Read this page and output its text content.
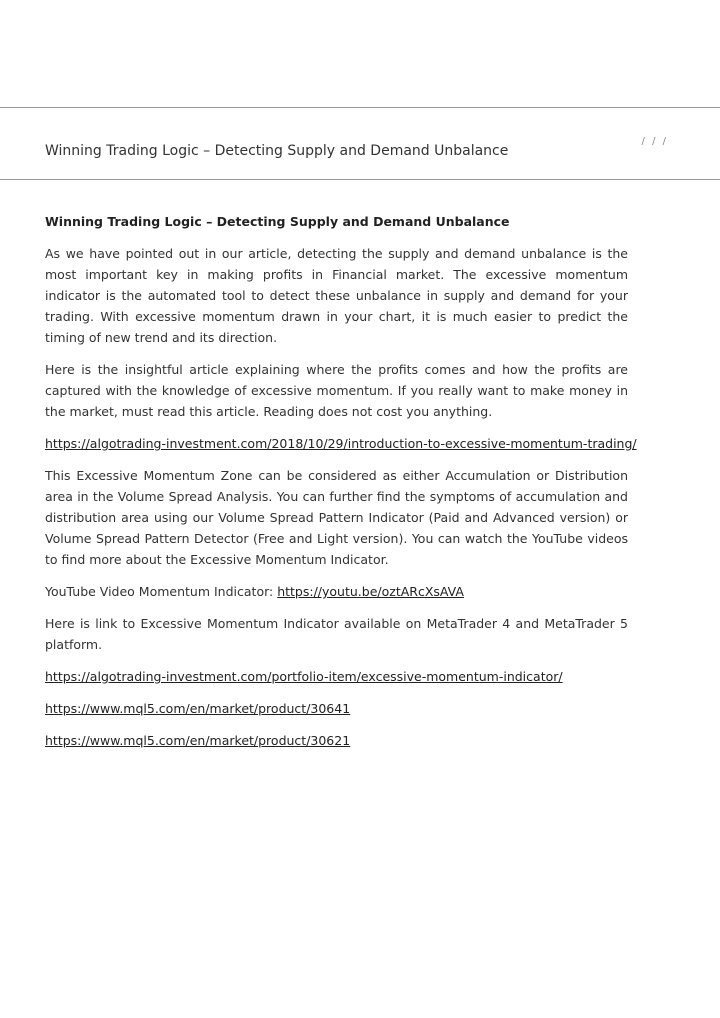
/ / /
Winning Trading Logic – Detecting Supply and Demand Unbalance
Winning Trading Logic – Detecting Supply and Demand Unbalance

As we have pointed out in our article, detecting the supply and demand unbalance is the most important key in making profits in Financial market. The excessive momentum indicator is the automated tool to detect these unbalance in supply and demand for your trading. With excessive momentum drawn in your chart, it is much easier to predict the timing of new trend and its direction.

Here is the insightful article explaining where the profits comes and how the profits are captured with the knowledge of excessive momentum. If you really want to make money in the market, must read this article. Reading does not cost you anything.

https://algotrading-investment.com/2018/10/29/introduction-to-excessive-momentum-trading/

This Excessive Momentum Zone can be considered as either Accumulation or Distribution area in the Volume Spread Analysis. You can further find the symptoms of accumulation and distribution area using our Volume Spread Pattern Indicator (Paid and Advanced version) or Volume Spread Pattern Detector (Free and Light version). You can watch the YouTube videos to find more about the Excessive Momentum Indicator.

YouTube Video Momentum Indicator: https://youtu.be/oztARcXsAVA

Here is link to Excessive Momentum Indicator available on MetaTrader 4 and MetaTrader 5 platform.

https://algotrading-investment.com/portfolio-item/excessive-momentum-indicator/

https://www.mql5.com/en/market/product/30641

https://www.mql5.com/en/market/product/30621
